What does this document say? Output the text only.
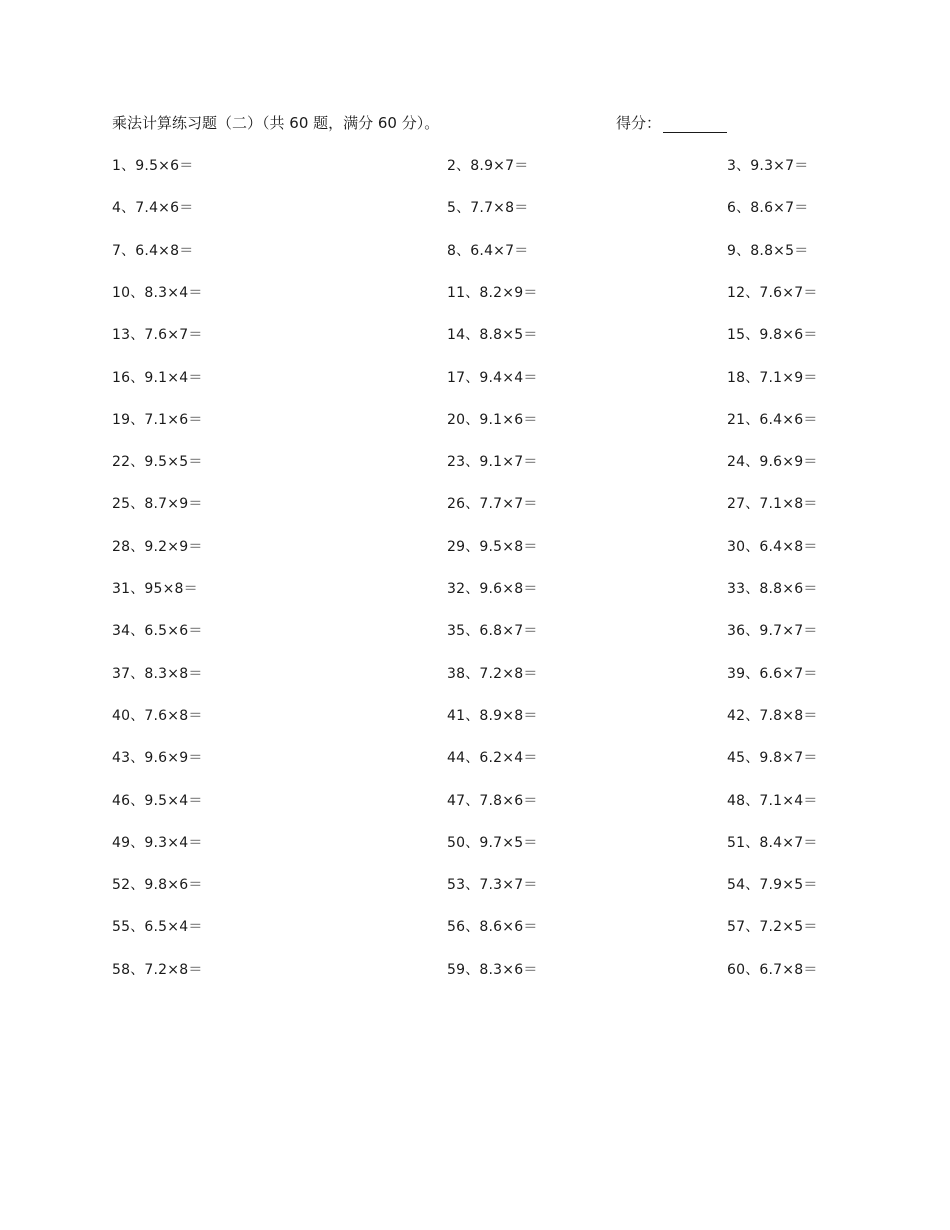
乘法计算练习题（二）（共 60 题，满分 60 分）。	得分：
1、9.5×6＝	2、8.9×7＝	3、9.3×7＝
4、7.4×6＝	5、7.7×8＝	6、8.6×7＝
7、6.4×8＝	8、6.4×7＝	9、8.8×5＝
10、8.3×4＝	11、8.2×9＝	12、7.6×7＝
13、7.6×7＝	14、8.8×5＝	15、9.8×6＝
16、9.1×4＝	17、9.4×4＝	18、7.1×9＝
19、7.1×6＝	20、9.1×6＝	21、6.4×6＝
22、9.5×5＝	23、9.1×7＝	24、9.6×9＝
25、8.7×9＝	26、7.7×7＝	27、7.1×8＝
28、9.2×9＝	29、9.5×8＝	30、6.4×8＝
31、95×8＝	32、9.6×8＝	33、8.8×6＝
34、6.5×6＝	35、6.8×7＝	36、9.7×7＝
37、8.3×8＝	38、7.2×8＝	39、6.6×7＝
40、7.6×8＝	41、8.9×8＝	42、7.8×8＝
43、9.6×9＝	44、6.2×4＝	45、9.8×7＝
46、9.5×4＝	47、7.8×6＝	48、7.1×4＝
49、9.3×4＝	50、9.7×5＝	51、8.4×7＝
52、9.8×6＝	53、7.3×7＝	54、7.9×5＝
55、6.5×4＝	56、8.6×6＝	57、7.2×5＝
58、7.2×8＝	59、8.3×6＝	60、6.7×8＝
